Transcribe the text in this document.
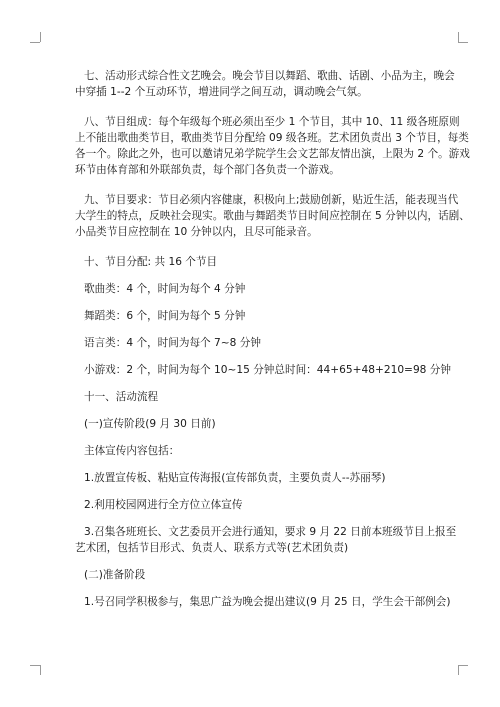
七、活动形式综合性文艺晚会。晚会节目以舞蹈、歌曲、话剧、小品为主，晚会
中穿插 1--2 个互动环节，增进同学之间互动，调动晚会气氛。
八、节目组成：每个年级每个班必须出至少 1 个节目，其中 10、11 级各班原则
上不能出歌曲类节目，歌曲类节目分配给 09 级各班。艺术团负责出 3 个节目，每类
各一个。除此之外，也可以邀请兄弟学院学生会文艺部友情出演，上限为 2 个。游戏
环节由体育部和外联部负责，每个部门各负责一个游戏。
九、节目要求：节目必须内容健康，积极向上;鼓励创新，贴近生活，能表现当代
大学生的特点，反映社会现实。歌曲与舞蹈类节目时间应控制在 5 分钟以内，话剧、
小品类节目应控制在 10 分钟以内，且尽可能录音。
十、节目分配: 共 16 个节目
歌曲类：4 个，时间为每个 4 分钟
舞蹈类：6 个，时间为每个 5 分钟
语言类：4 个，时间为每个 7~8 分钟
小游戏：2 个，时间为每个 10~15 分钟总时间：44+65+48+210=98 分钟
十一、活动流程
(一)宣传阶段(9 月 30 日前)
主体宣传内容包括：
1.放置宣传板、粘贴宣传海报(宣传部负责，主要负责人--苏丽琴)
2.利用校园网进行全方位立体宣传
3.召集各班班长、文艺委员开会进行通知，要求 9 月 22 日前本班级节目上报至
艺术团，包括节目形式、负责人、联系方式等(艺术团负责)
(二)准备阶段
1.号召同学积极参与，集思广益为晚会提出建议(9 月 25 日，学生会干部例会)
